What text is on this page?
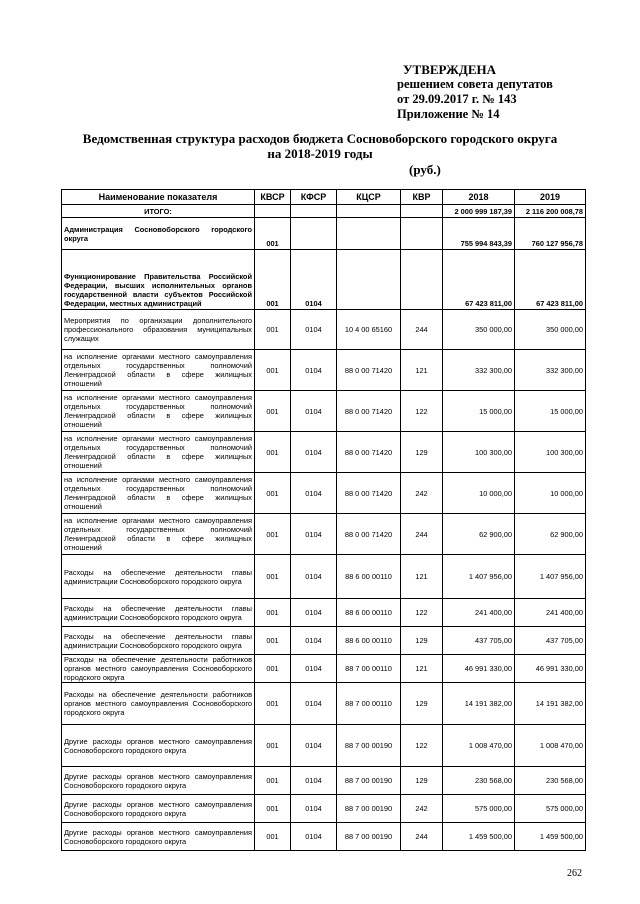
УТВЕРЖДЕНА
решением совета депутатов
от 29.09.2017 г. № 143
Приложение № 14
Ведомственная структура расходов бюджета Сосновоборского городского округа
на 2018-2019 годы
(руб.)
Наименование показателя	КВСР	КФСР	КЦСР	КВР	2018	2019
ИТОГО:					2 000 999 187,39	2 116 200 008,78
Администрация Сосновоборского городского округа	001				755 994 843,39	760 127 956,78
Функционирование Правительства Российской Федерации, высших исполнительных органов государственной власти субъектов Российской Федерации, местных администраций	001	0104			67 423 811,00	67 423 811,00
Мероприятия по организации дополнительного профессионального образования муниципальных служащих	001	0104	10 4 00 65160	244	350 000,00	350 000,00
на исполнение органами местного самоуправления отдельных государственных полномочий Ленинградской области в сфере жилищных отношений	001	0104	88 0 00 71420	121	332 300,00	332 300,00
на исполнение органами местного самоуправления отдельных государственных полномочий Ленинградской области в сфере жилищных отношений	001	0104	88 0 00 71420	122	15 000,00	15 000,00
на исполнение органами местного самоуправления отдельных государственных полномочий Ленинградской области в сфере жилищных отношений	001	0104	88 0 00 71420	129	100 300,00	100 300,00
на исполнение органами местного самоуправления отдельных государственных полномочий Ленинградской области в сфере жилищных отношений	001	0104	88 0 00 71420	242	10 000,00	10 000,00
на исполнение органами местного самоуправления отдельных государственных полномочий Ленинградской области в сфере жилищных отношений	001	0104	88 0 00 71420	244	62 900,00	62 900,00
Расходы на обеспечение деятельности главы администрации Сосновоборского городского округа	001	0104	88 6 00 00110	121	1 407 956,00	1 407 956,00
Расходы на обеспечение деятельности главы администрации Сосновоборского городского округа	001	0104	88 6 00 00110	122	241 400,00	241 400,00
Расходы на обеспечение деятельности главы администрации Сосновоборского городского округа	001	0104	88 6 00 00110	129	437 705,00	437 705,00
Расходы на обеспечение деятельности работников органов местного самоуправления Сосновоборского городского округа	001	0104	88 7 00 00110	121	46 991 330,00	46 991 330,00
Расходы на обеспечение деятельности работников органов местного самоуправления Сосновоборского городского округа	001	0104	88 7 00 00110	129	14 191 382,00	14 191 382,00
Другие расходы органов местного самоуправления Сосновоборского городского округа	001	0104	88 7 00 00190	122	1 008 470,00	1 008 470,00
Другие расходы органов местного самоуправления Сосновоборского городского округа	001	0104	88 7 00 00190	129	230 568,00	230 568,00
Другие расходы органов местного самоуправления Сосновоборского городского округа	001	0104	88 7 00 00190	242	575 000,00	575 000,00
Другие расходы органов местного самоуправления Сосновоборского городского округа	001	0104	88 7 00 00190	244	1 459 500,00	1 459 500,00
262
